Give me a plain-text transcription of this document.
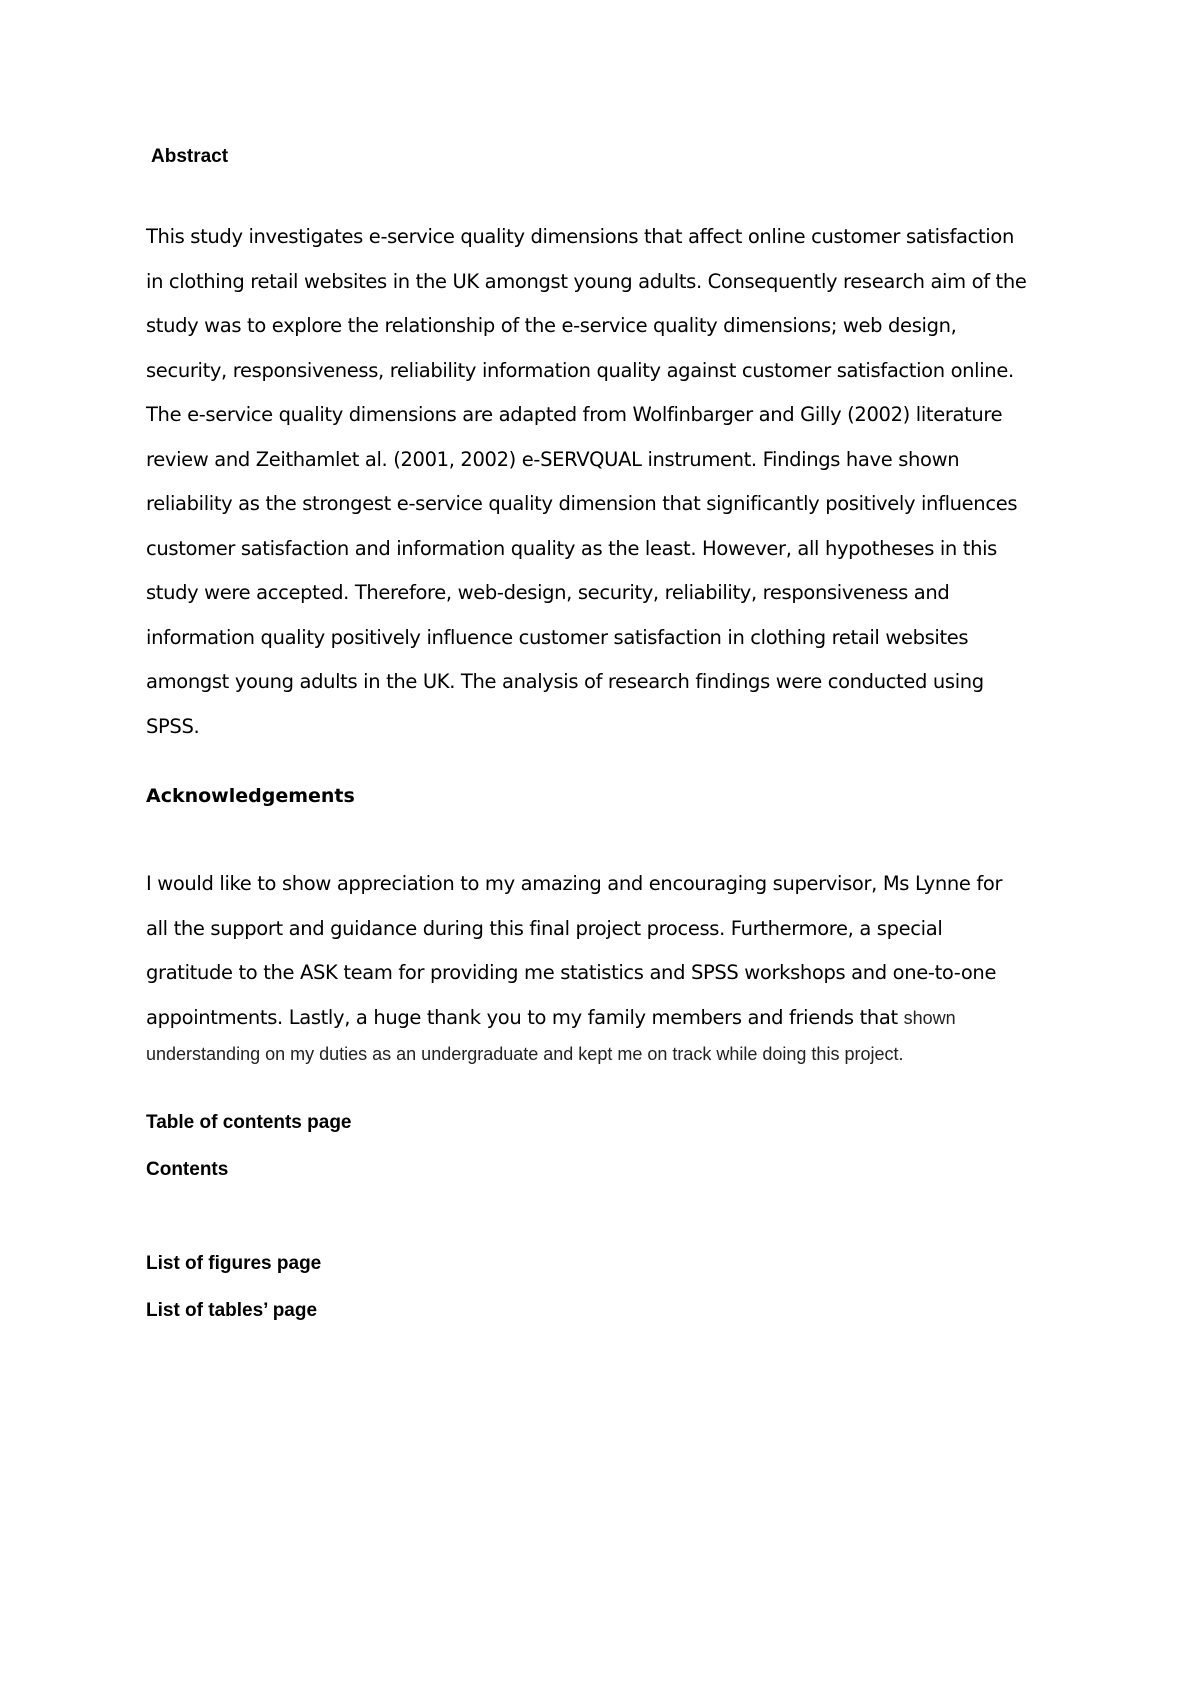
Abstract
This study investigates e-service quality dimensions that affect online customer satisfaction
in clothing retail websites in the UK amongst young adults. Consequently research aim of the
study was to explore the relationship of the e-service quality dimensions; web design,
security, responsiveness, reliability information quality against customer satisfaction online.
The e-service quality dimensions are adapted from Wolfinbarger and Gilly (2002) literature
review and Zeithamlet al. (2001, 2002) e-SERVQUAL instrument. Findings have shown
reliability as the strongest e-service quality dimension that significantly positively influences
customer satisfaction and information quality as the least. However, all hypotheses in this
study were accepted. Therefore, web-design, security, reliability, responsiveness and
information quality positively influence customer satisfaction in clothing retail websites
amongst young adults in the UK. The analysis of research findings were conducted using
SPSS.
Acknowledgements
I would like to show appreciation to my amazing and encouraging supervisor, Ms Lynne for
all the support and guidance during this final project process. Furthermore, a special
gratitude to the ASK team for providing me statistics and SPSS workshops and one-to-one
appointments. Lastly, a huge thank you to my family members and friends that shown
understanding on my duties as an undergraduate and kept me on track while doing this project.
Table of contents page
Contents
List of figures page
List of tables’ page
